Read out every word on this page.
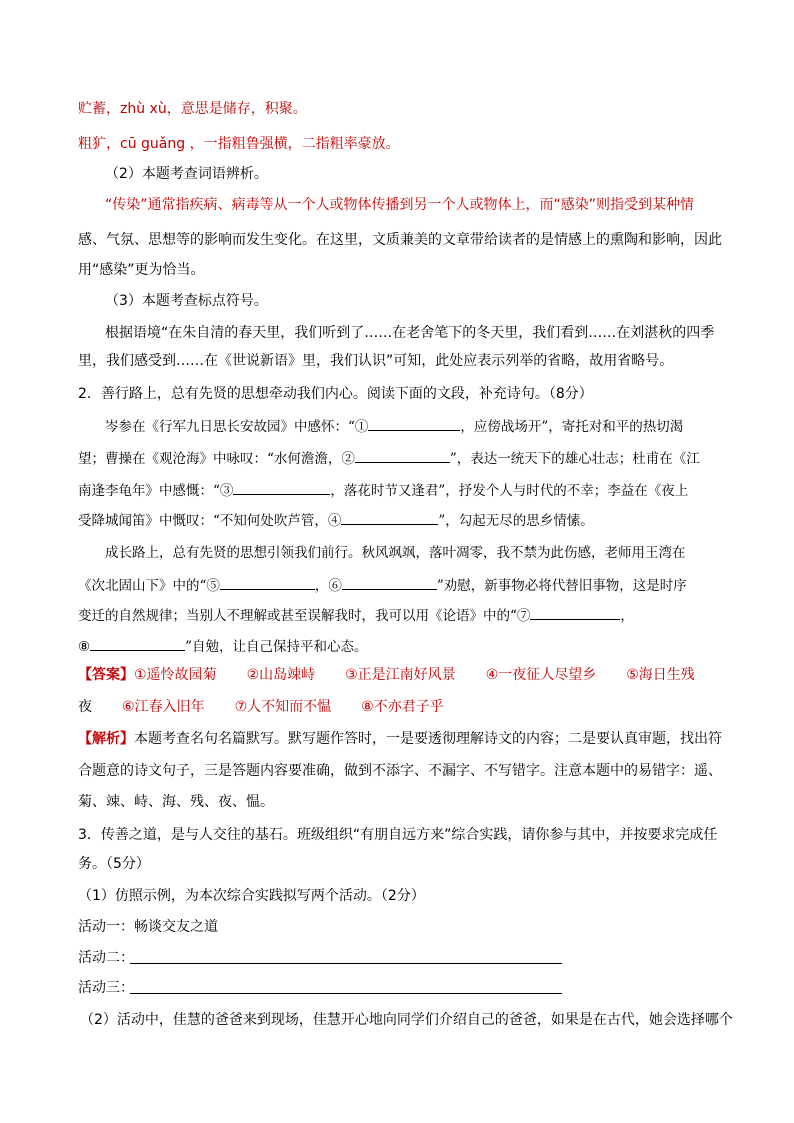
贮蓄，zhù xù，意思是储存，积聚。
粗犷，cū guǎng ，一指粗鲁强横，二指粗率豪放。
（2）本题考查词语辨析。
“传染”通常指疾病、病毒等从一个人或物体传播到另一个人或物体上，而“感染”则指受到某种情
感、气氛、思想等的影响而发生变化。在这里，文质兼美的文章带给读者的是情感上的熏陶和影响，因此
用“感染”更为恰当。
（3）本题考查标点符号。
根据语境“在朱自清的春天里，我们听到了……在老舍笔下的冬天里，我们看到……在刘湛秋的四季
里，我们感受到……在《世说新语》里，我们认识”可知，此处应表示列举的省略，故用省略号。
2．善行路上，总有先贤的思想牵动我们内心。阅读下面的文段，补充诗句。（8分）
岑参在《行军九日思长安故园》中感怀：“①	，应傍战场开”，寄托对和平的热切渴
望；曹操在《观沧海》中咏叹：“水何澹澹，②	”，表达一统天下的雄心壮志；杜甫在《江
南逢李龟年》中感慨：“③	，落花时节又逢君”，抒发个人与时代的不幸；李益在《夜上
受降城闻笛》中慨叹：“不知何处吹芦管，④	”，勾起无尽的思乡情愫。
成长路上，总有先贤的思想引领我们前行。秋风飒飒，落叶凋零，我不禁为此伤感，老师用王湾在
《次北固山下》中的“⑤	，⑥	”劝慰，新事物必将代替旧事物，这是时序
变迁的自然规律；当别人不理解或甚至误解我时，我可以用《论语》中的“⑦	，
⑧	”自勉，让自己保持平和心态。
【答案】①遥怜故园菊 ②山岛竦峙 ③正是江南好风景 ④一夜征人尽望乡 ⑤海日生残
夜 ⑥江春入旧年 ⑦人不知而不愠 ⑧不亦君子乎
【解析】本题考查名句名篇默写。默写题作答时，一是要透彻理解诗文的内容；二是要认真审题，找出符
合题意的诗文句子，三是答题内容要准确，做到不添字、不漏字、不写错字。注意本题中的易错字：遥、
菊、竦、峙、海、残、夜、愠。
3．传善之道，是与人交往的基石。班级组织“有朋自远方来”综合实践，请你参与其中，并按要求完成任
务。（5分）
（1）仿照示例，为本次综合实践拟写两个活动。（2分）
活动一：畅谈交友之道
活动二：
活动三：
（2）活动中，佳慧的爸爸来到现场，佳慧开心地向同学们介绍自己的爸爸，如果是在古代，她会选择哪个
